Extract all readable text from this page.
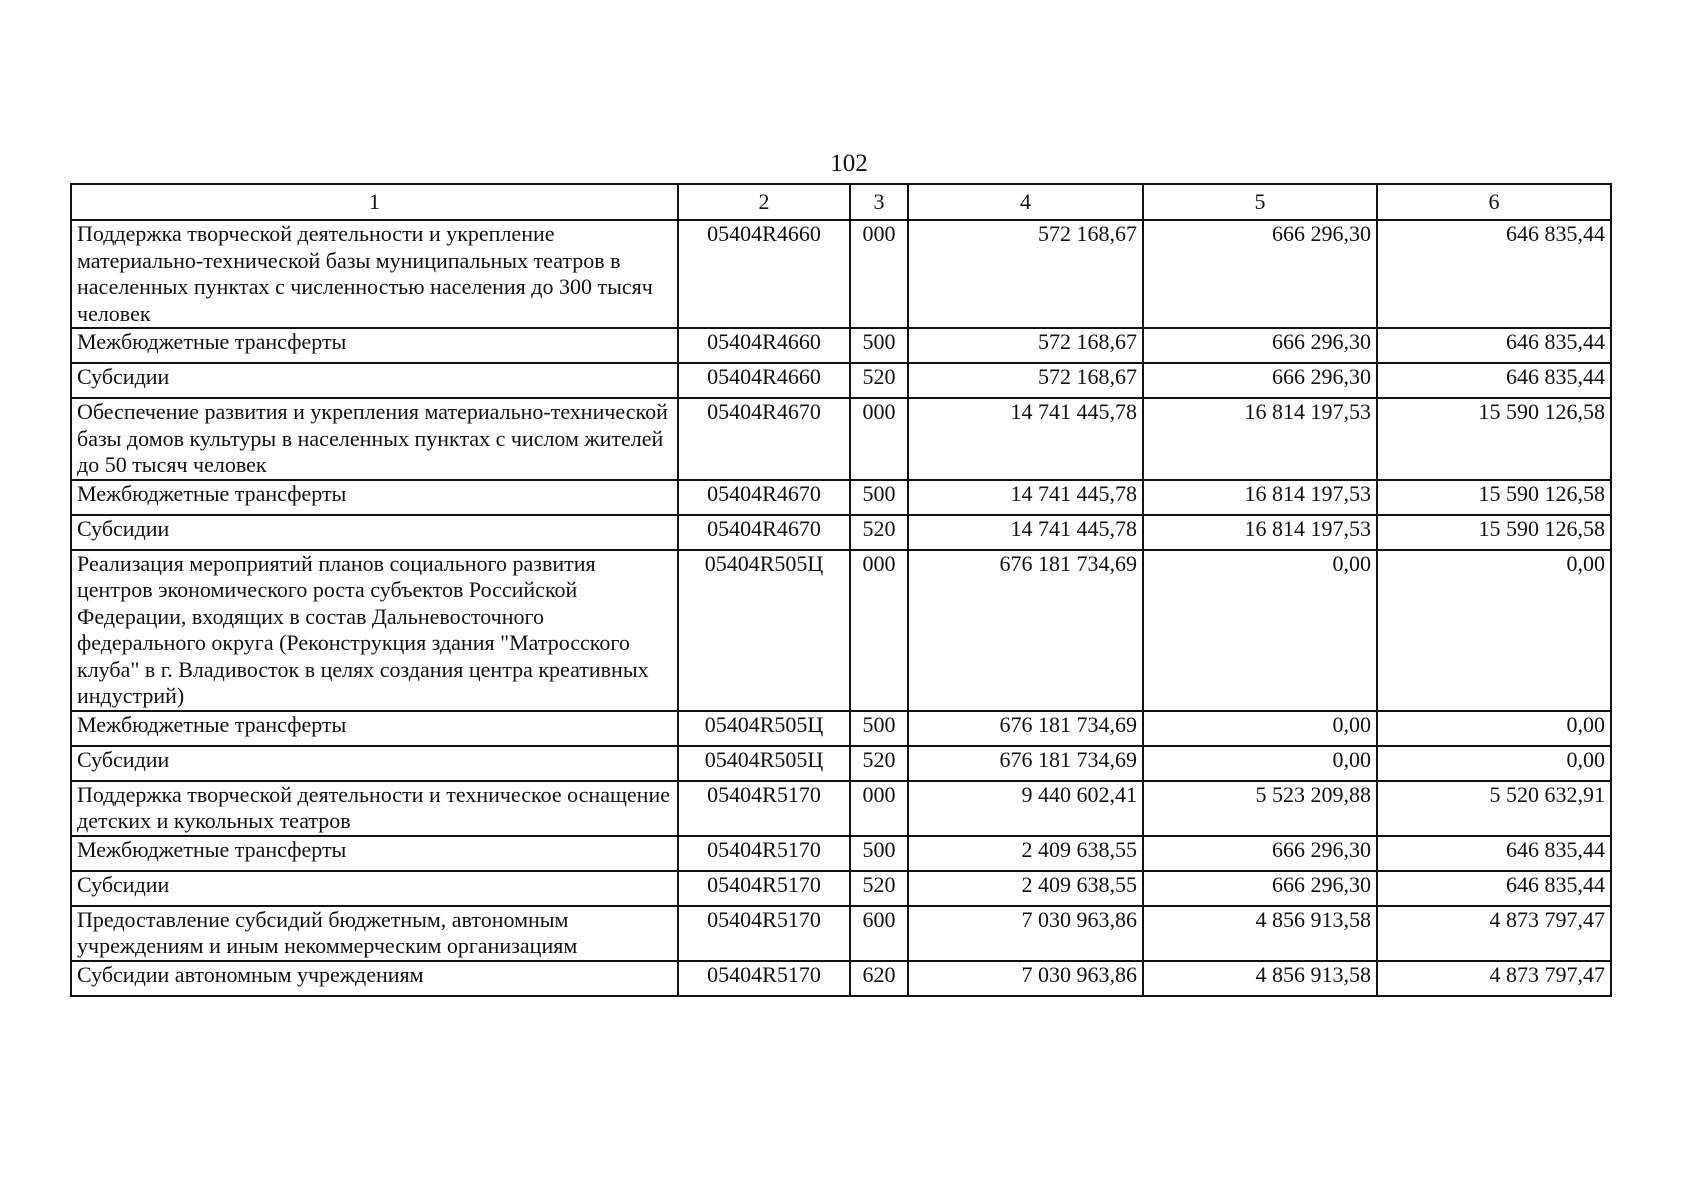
102
1	2	3	4	5	6
Поддержка творческой деятельности и укрепление материально-технической базы муниципальных театров в населенных пунктах с численностью населения до 300 тысяч человек	05404R4660	000	572 168,67	666 296,30	646 835,44
Межбюджетные трансферты	05404R4660	500	572 168,67	666 296,30	646 835,44
Субсидии	05404R4660	520	572 168,67	666 296,30	646 835,44
Обеспечение развития и укрепления материально-технической базы домов культуры в населенных пунктах с числом жителей до 50 тысяч человек	05404R4670	000	14 741 445,78	16 814 197,53	15 590 126,58
Межбюджетные трансферты	05404R4670	500	14 741 445,78	16 814 197,53	15 590 126,58
Субсидии	05404R4670	520	14 741 445,78	16 814 197,53	15 590 126,58
Реализация мероприятий планов социального развития центров экономического роста субъектов Российской Федерации, входящих в состав Дальневосточного федерального округа (Реконструкция здания "Матросского клуба" в г. Владивосток в целях создания центра креативных индустрий)	05404R505Ц	000	676 181 734,69	0,00	0,00
Межбюджетные трансферты	05404R505Ц	500	676 181 734,69	0,00	0,00
Субсидии	05404R505Ц	520	676 181 734,69	0,00	0,00
Поддержка творческой деятельности и техническое оснащение детских и кукольных театров	05404R5170	000	9 440 602,41	5 523 209,88	5 520 632,91
Межбюджетные трансферты	05404R5170	500	2 409 638,55	666 296,30	646 835,44
Субсидии	05404R5170	520	2 409 638,55	666 296,30	646 835,44
Предоставление субсидий бюджетным, автономным учреждениям и иным некоммерческим организациям	05404R5170	600	7 030 963,86	4 856 913,58	4 873 797,47
Субсидии автономным учреждениям	05404R5170	620	7 030 963,86	4 856 913,58	4 873 797,47
